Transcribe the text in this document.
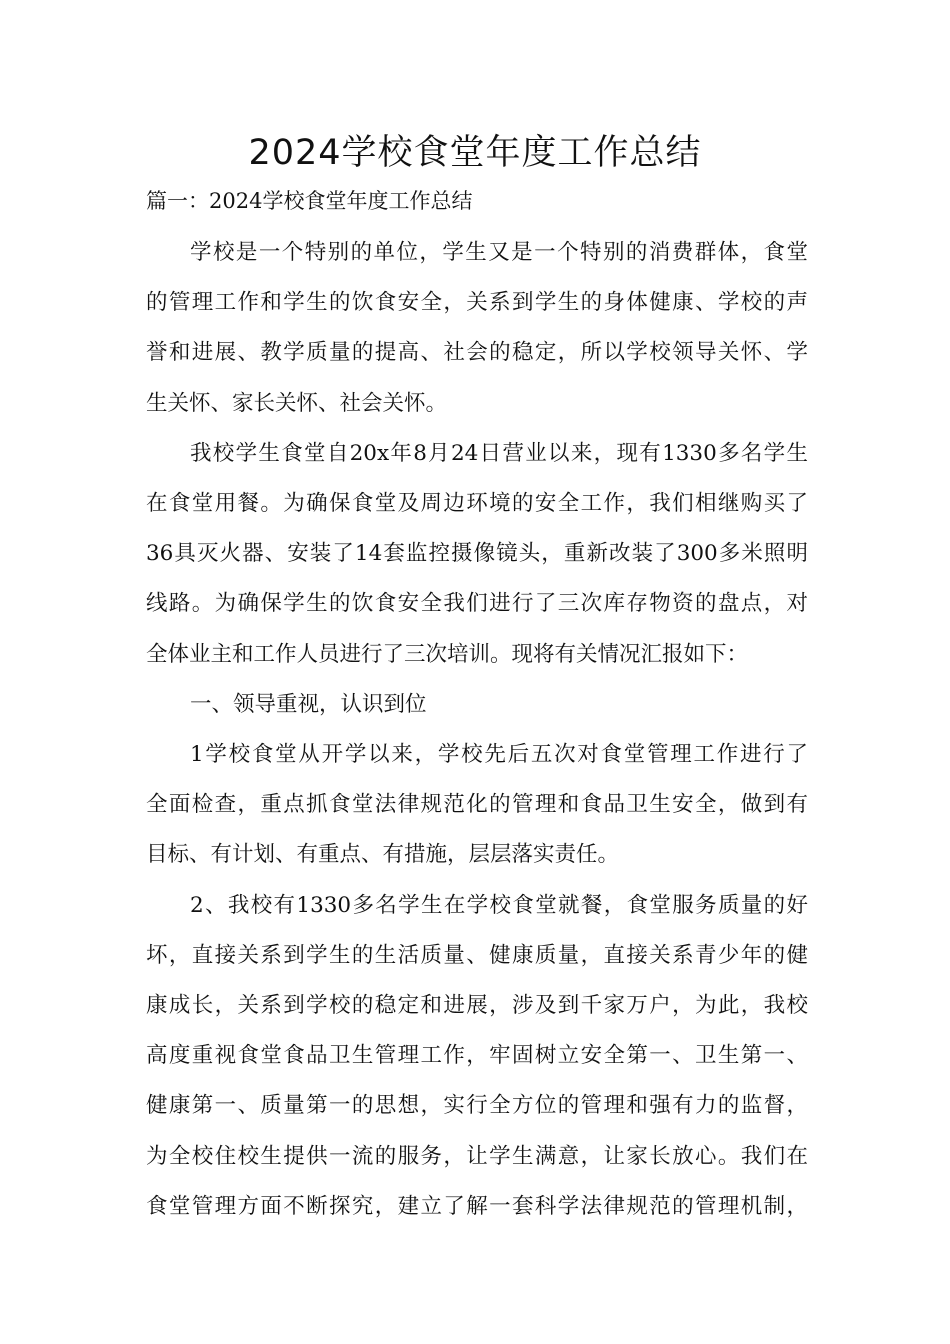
2024学校食堂年度工作总结
篇一：2024学校食堂年度工作总结

学校是一个特别的单位，学生又是一个特别的消费群体，食堂
的管理工作和学生的饮食安全，关系到学生的身体健康、学校的声
誉和进展、教学质量的提高、社会的稳定，所以学校领导关怀、学
生关怀、家长关怀、社会关怀。

我校学生食堂自20x年8月24日营业以来，现有1330多名学生
在食堂用餐。为确保食堂及周边环境的安全工作，我们相继购买了
36具灭火器、安装了14套监控摄像镜头，重新改装了300多米照明
线路。为确保学生的饮食安全我们进行了三次库存物资的盘点，对
全体业主和工作人员进行了三次培训。现将有关情况汇报如下：

一、领导重视，认识到位

1学校食堂从开学以来，学校先后五次对食堂管理工作进行了
全面检查，重点抓食堂法律规范化的管理和食品卫生安全，做到有
目标、有计划、有重点、有措施，层层落实责任。

2、我校有1330多名学生在学校食堂就餐，食堂服务质量的好
坏，直接关系到学生的生活质量、健康质量，直接关系青少年的健
康成长，关系到学校的稳定和进展，涉及到千家万户，为此，我校
高度重视食堂食品卫生管理工作，牢固树立安全第一、卫生第一、
健康第一、质量第一的思想，实行全方位的管理和强有力的监督，
为全校住校生提供一流的服务，让学生满意，让家长放心。我们在
食堂管理方面不断探究，建立了解一套科学法律规范的管理机制，
